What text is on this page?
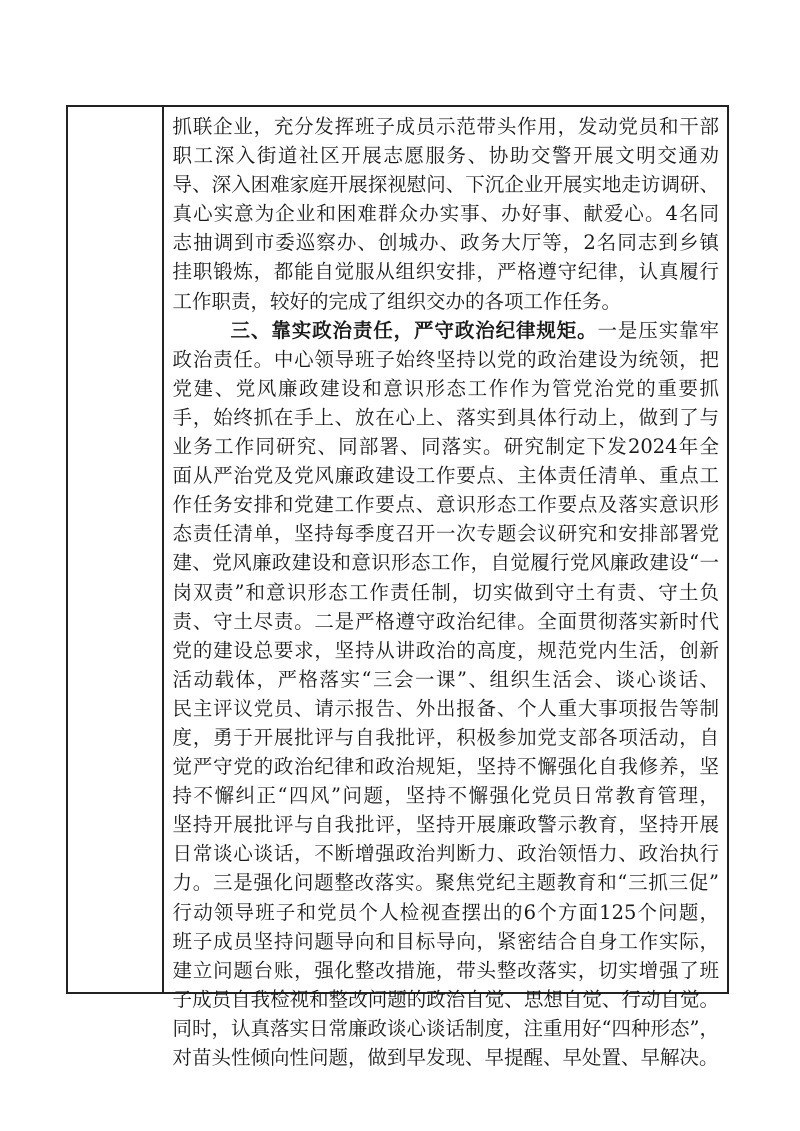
抓联企业，充分发挥班子成员示范带头作用，发动党员和干部
职工深入街道社区开展志愿服务、协助交警开展文明交通劝
导、深入困难家庭开展探视慰问、下沉企业开展实地走访调研、
真心实意为企业和困难群众办实事、办好事、献爱心。4名同
志抽调到市委巡察办、创城办、政务大厅等，2名同志到乡镇
挂职锻炼，都能自觉服从组织安排，严格遵守纪律，认真履行
工作职责，较好的完成了组织交办的各项工作任务。
三、靠实政治责任，严守政治纪律规矩。一是压实靠牢
政治责任。中心领导班子始终坚持以党的政治建设为统领，把
党建、党风廉政建设和意识形态工作作为管党治党的重要抓
手，始终抓在手上、放在心上、落实到具体行动上，做到了与
业务工作同研究、同部署、同落实。研究制定下发2024年全
面从严治党及党风廉政建设工作要点、主体责任清单、重点工
作任务安排和党建工作要点、意识形态工作要点及落实意识形
态责任清单，坚持每季度召开一次专题会议研究和安排部署党
建、党风廉政建设和意识形态工作，自觉履行党风廉政建设“一
岗双责”和意识形态工作责任制，切实做到守土有责、守土负
责、守土尽责。二是严格遵守政治纪律。全面贯彻落实新时代
党的建设总要求，坚持从讲政治的高度，规范党内生活，创新
活动载体，严格落实“三会一课”、组织生活会、谈心谈话、
民主评议党员、请示报告、外出报备、个人重大事项报告等制
度，勇于开展批评与自我批评，积极参加党支部各项活动，自
觉严守党的政治纪律和政治规矩，坚持不懈强化自我修养，坚
持不懈纠正“四风”问题，坚持不懈强化党员日常教育管理，
坚持开展批评与自我批评，坚持开展廉政警示教育，坚持开展
日常谈心谈话，不断增强政治判断力、政治领悟力、政治执行
力。三是强化问题整改落实。聚焦党纪主题教育和“三抓三促”
行动领导班子和党员个人检视查摆出的6个方面125个问题，
班子成员坚持问题导向和目标导向，紧密结合自身工作实际，
建立问题台账，强化整改措施，带头整改落实，切实增强了班
子成员自我检视和整改问题的政治自觉、思想自觉、行动自觉。
同时，认真落实日常廉政谈心谈话制度，注重用好“四种形态”，
对苗头性倾向性问题，做到早发现、早提醒、早处置、早解决。
